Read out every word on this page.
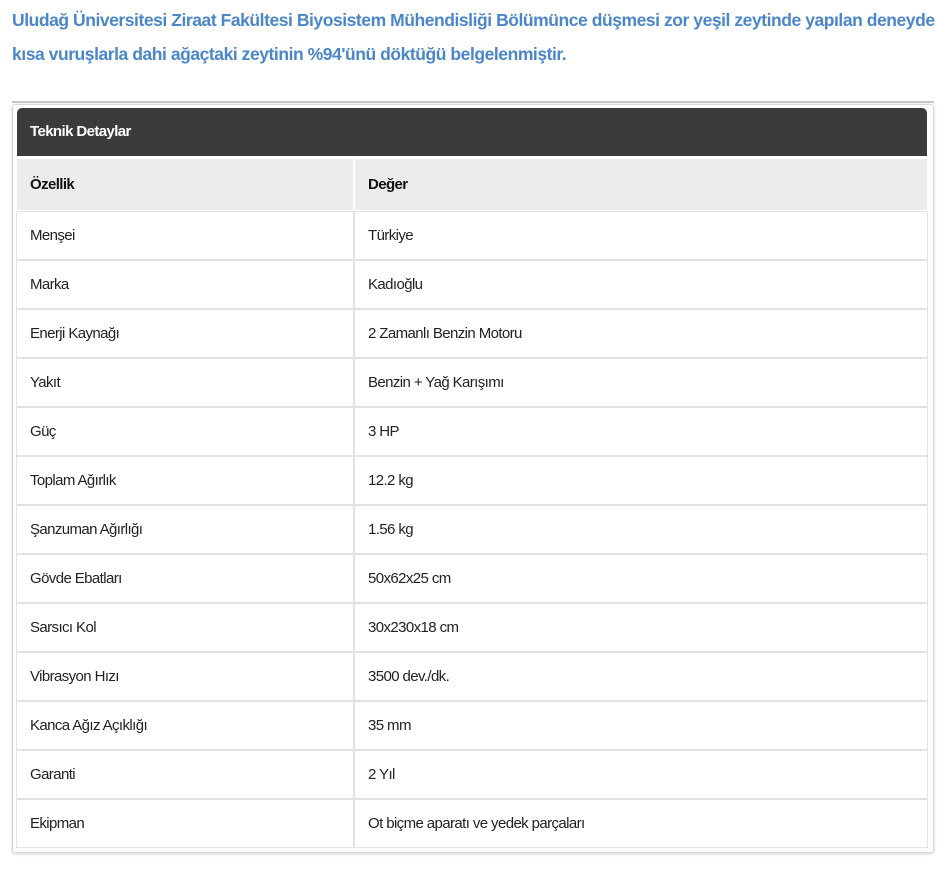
Uludağ Üniversitesi Ziraat Fakültesi Biyosistem Mühendisliği Bölümünce düşmesi zor yeşil zeytinde yapılan deneyde kısa vuruşlarla dahi ağaçtaki zeytinin %94'ünü döktüğü belgelenmiştir.

Teknik Detaylar
Özellik	Değer
Menşei	Türkiye
Marka	Kadıoğlu
Enerji Kaynağı	2 Zamanlı Benzin Motoru
Yakıt	Benzin + Yağ Karışımı
Güç	3 HP
Toplam Ağırlık	12.2 kg
Şanzuman Ağırlığı	1.56 kg
Gövde Ebatları	50x62x25 cm
Sarsıcı Kol	30x230x18 cm
Vibrasyon Hızı	3500 dev./dk.
Kanca Ağız Açıklığı	35 mm
Garanti	2 Yıl
Ekipman	Ot biçme aparatı ve yedek parçaları
